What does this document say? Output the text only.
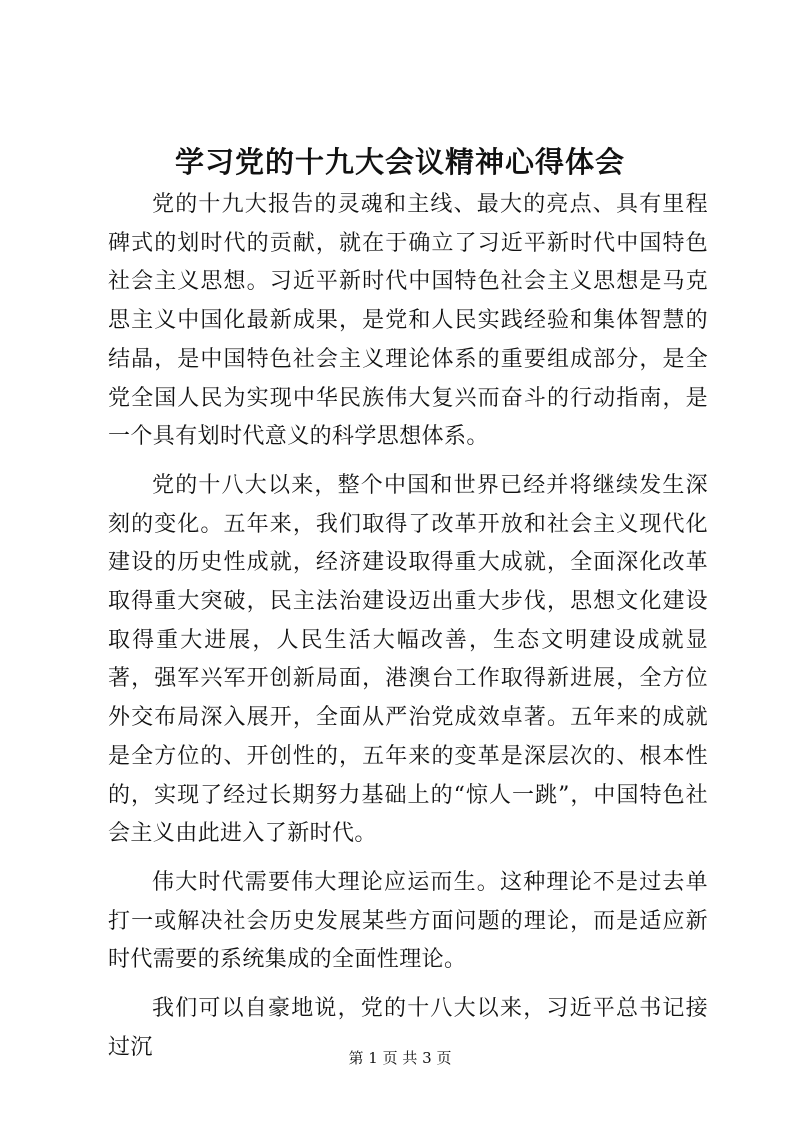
学习党的十九大会议精神心得体会

党的十九大报告的灵魂和主线、最大的亮点、具有里程碑式的划时代的贡献，就在于确立了习近平新时代中国特色社会主义思想。习近平新时代中国特色社会主义思想是马克思主义中国化最新成果，是党和人民实践经验和集体智慧的结晶，是中国特色社会主义理论体系的重要组成部分，是全党全国人民为实现中华民族伟大复兴而奋斗的行动指南，是一个具有划时代意义的科学思想体系。

党的十八大以来，整个中国和世界已经并将继续发生深刻的变化。五年来，我们取得了改革开放和社会主义现代化建设的历史性成就，经济建设取得重大成就，全面深化改革取得重大突破，民主法治建设迈出重大步伐，思想文化建设取得重大进展，人民生活大幅改善，生态文明建设成就显著，强军兴军开创新局面，港澳台工作取得新进展，全方位外交布局深入展开，全面从严治党成效卓著。五年来的成就是全方位的、开创性的，五年来的变革是深层次的、根本性的，实现了经过长期努力基础上的“惊人一跳”，中国特色社会主义由此进入了新时代。

伟大时代需要伟大理论应运而生。这种理论不是过去单打一或解决社会历史发展某些方面问题的理论，而是适应新时代需要的系统集成的全面性理论。

我们可以自豪地说，党的十八大以来，习近平总书记接过沉	第 1 页 共 3 页
